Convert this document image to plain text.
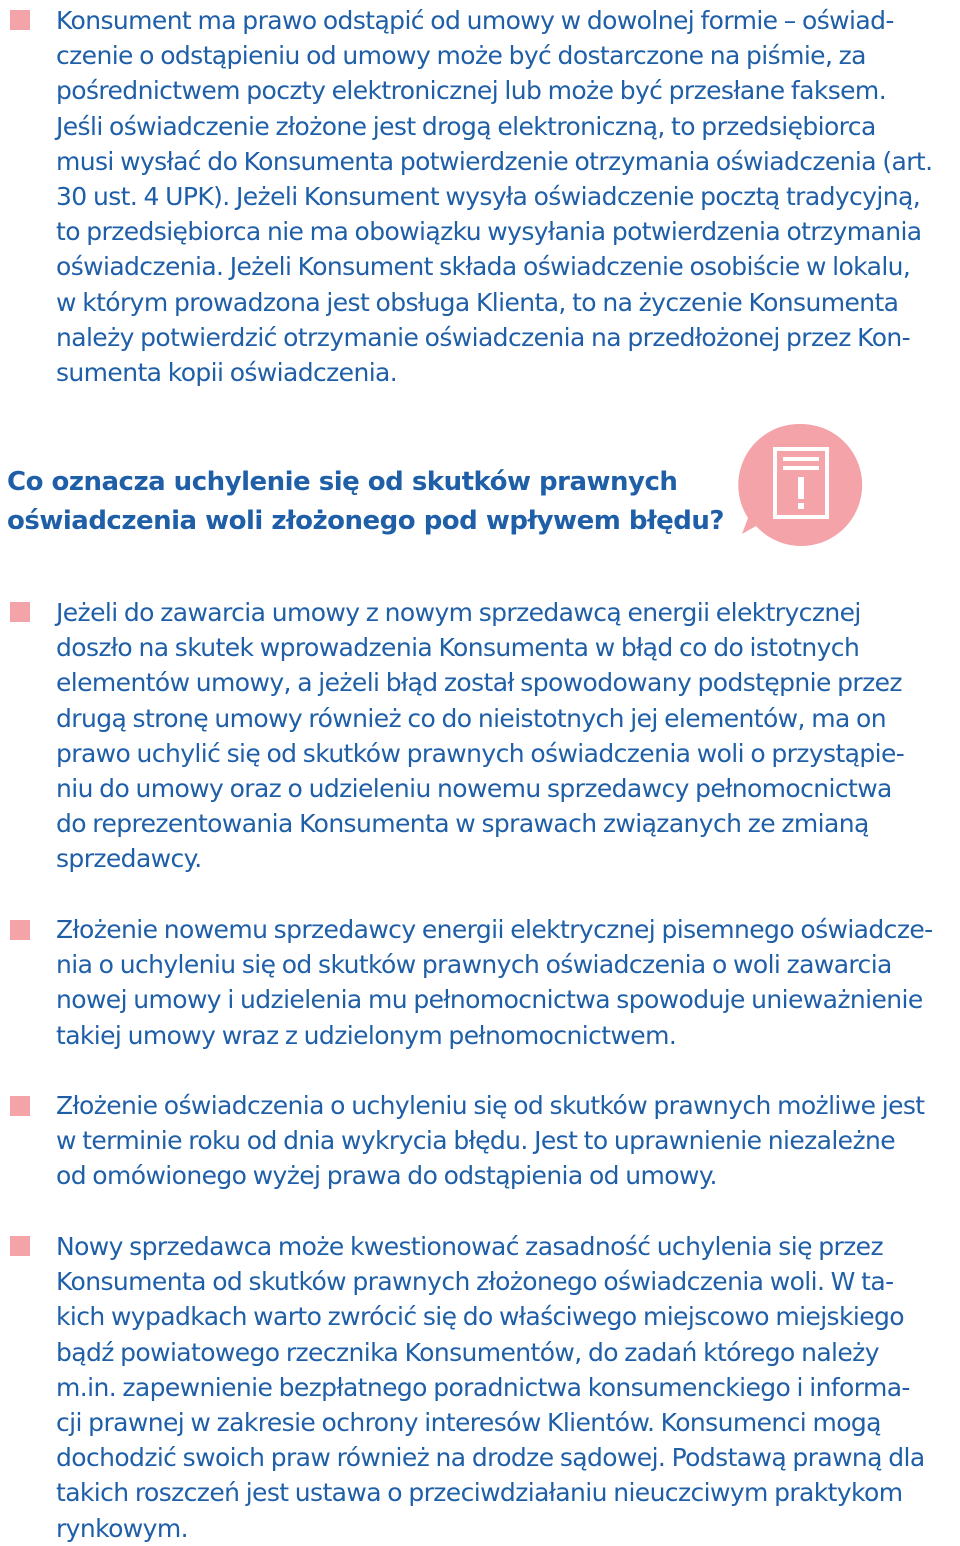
Konsument ma prawo odstąpić od umowy w dowolnej formie – oświad-
czenie o odstąpieniu od umowy może być dostarczone na piśmie, za
pośrednictwem poczty elektronicznej lub może być przesłane faksem.
Jeśli oświadczenie złożone jest drogą elektroniczną, to przedsiębiorca
musi wysłać do Konsumenta potwierdzenie otrzymania oświadczenia (art.
30 ust. 4 UPK). Jeżeli Konsument wysyła oświadczenie pocztą tradycyjną,
to przedsiębiorca nie ma obowiązku wysyłania potwierdzenia otrzymania
oświadczenia. Jeżeli Konsument składa oświadczenie osobiście w lokalu,
w którym prowadzona jest obsługa Klienta, to na życzenie Konsumenta
należy potwierdzić otrzymanie oświadczenia na przedłożonej przez Kon-
sumenta kopii oświadczenia.

Co oznacza uchylenie się od skutków prawnych
oświadczenia woli złożonego pod wpływem błędu?

Jeżeli do zawarcia umowy z nowym sprzedawcą energii elektrycznej
doszło na skutek wprowadzenia Konsumenta w błąd co do istotnych
elementów umowy, a jeżeli błąd został spowodowany podstępnie przez
drugą stronę umowy również co do nieistotnych jej elementów, ma on
prawo uchylić się od skutków prawnych oświadczenia woli o przystąpie-
niu do umowy oraz o udzieleniu nowemu sprzedawcy pełnomocnictwa
do reprezentowania Konsumenta w sprawach związanych ze zmianą
sprzedawcy.

Złożenie nowemu sprzedawcy energii elektrycznej pisemnego oświadcze-
nia o uchyleniu się od skutków prawnych oświadczenia o woli zawarcia
nowej umowy i udzielenia mu pełnomocnictwa spowoduje unieważnienie
takiej umowy wraz z udzielonym pełnomocnictwem.

Złożenie oświadczenia o uchyleniu się od skutków prawnych możliwe jest
w terminie roku od dnia wykrycia błędu. Jest to uprawnienie niezależne
od omówionego wyżej prawa do odstąpienia od umowy.

Nowy sprzedawca może kwestionować zasadność uchylenia się przez
Konsumenta od skutków prawnych złożonego oświadczenia woli. W ta-
kich wypadkach warto zwrócić się do właściwego miejscowo miejskiego
bądź powiatowego rzecznika Konsumentów, do zadań którego należy
m.in. zapewnienie bezpłatnego poradnictwa konsumenckiego i informa-
cji prawnej w zakresie ochrony interesów Klientów. Konsumenci mogą
dochodzić swoich praw również na drodze sądowej. Podstawą prawną dla
takich roszczeń jest ustawa o przeciwdziałaniu nieuczciwym praktykom
rynkowym.
